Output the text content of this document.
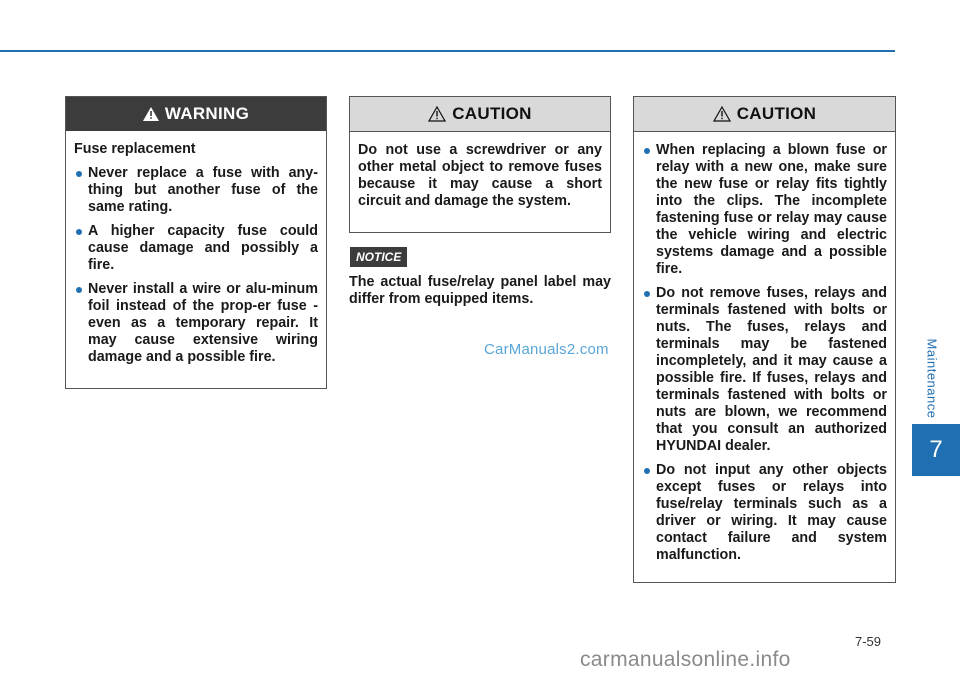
WARNING

Fuse replacement

Never replace a fuse with any-thing but another fuse of the same rating.
A higher capacity fuse could cause damage and possibly a fire.
Never install a wire or alu-minum foil instead of the prop-er fuse - even as a temporary repair. It may cause extensive wiring damage and a possible fire.
CAUTION

Do not use a screwdriver or any other metal object to remove fuses because it may cause a short circuit and damage the system.

NOTICE
The actual fuse/relay panel label may differ from equipped items.
CarManuals2.com
CAUTION
When replacing a blown fuse or relay with a new one, make sure the new fuse or relay fits tightly into the clips. The incomplete fastening fuse or relay may cause the vehicle wiring and electric systems damage and a possible fire.
Do not remove fuses, relays and terminals fastened with bolts or nuts. The fuses, relays and terminals may be fastened incompletely, and it may cause a possible fire. If fuses, relays and terminals fastened with bolts or nuts are blown, we recommend that you consult an authorized HYUNDAI dealer.
Do not input any other objects except fuses or relays into fuse/relay terminals such as a driver or wiring. It may cause contact failure and system malfunction.
Maintenance
7
7-59
carmanualsonline.info
